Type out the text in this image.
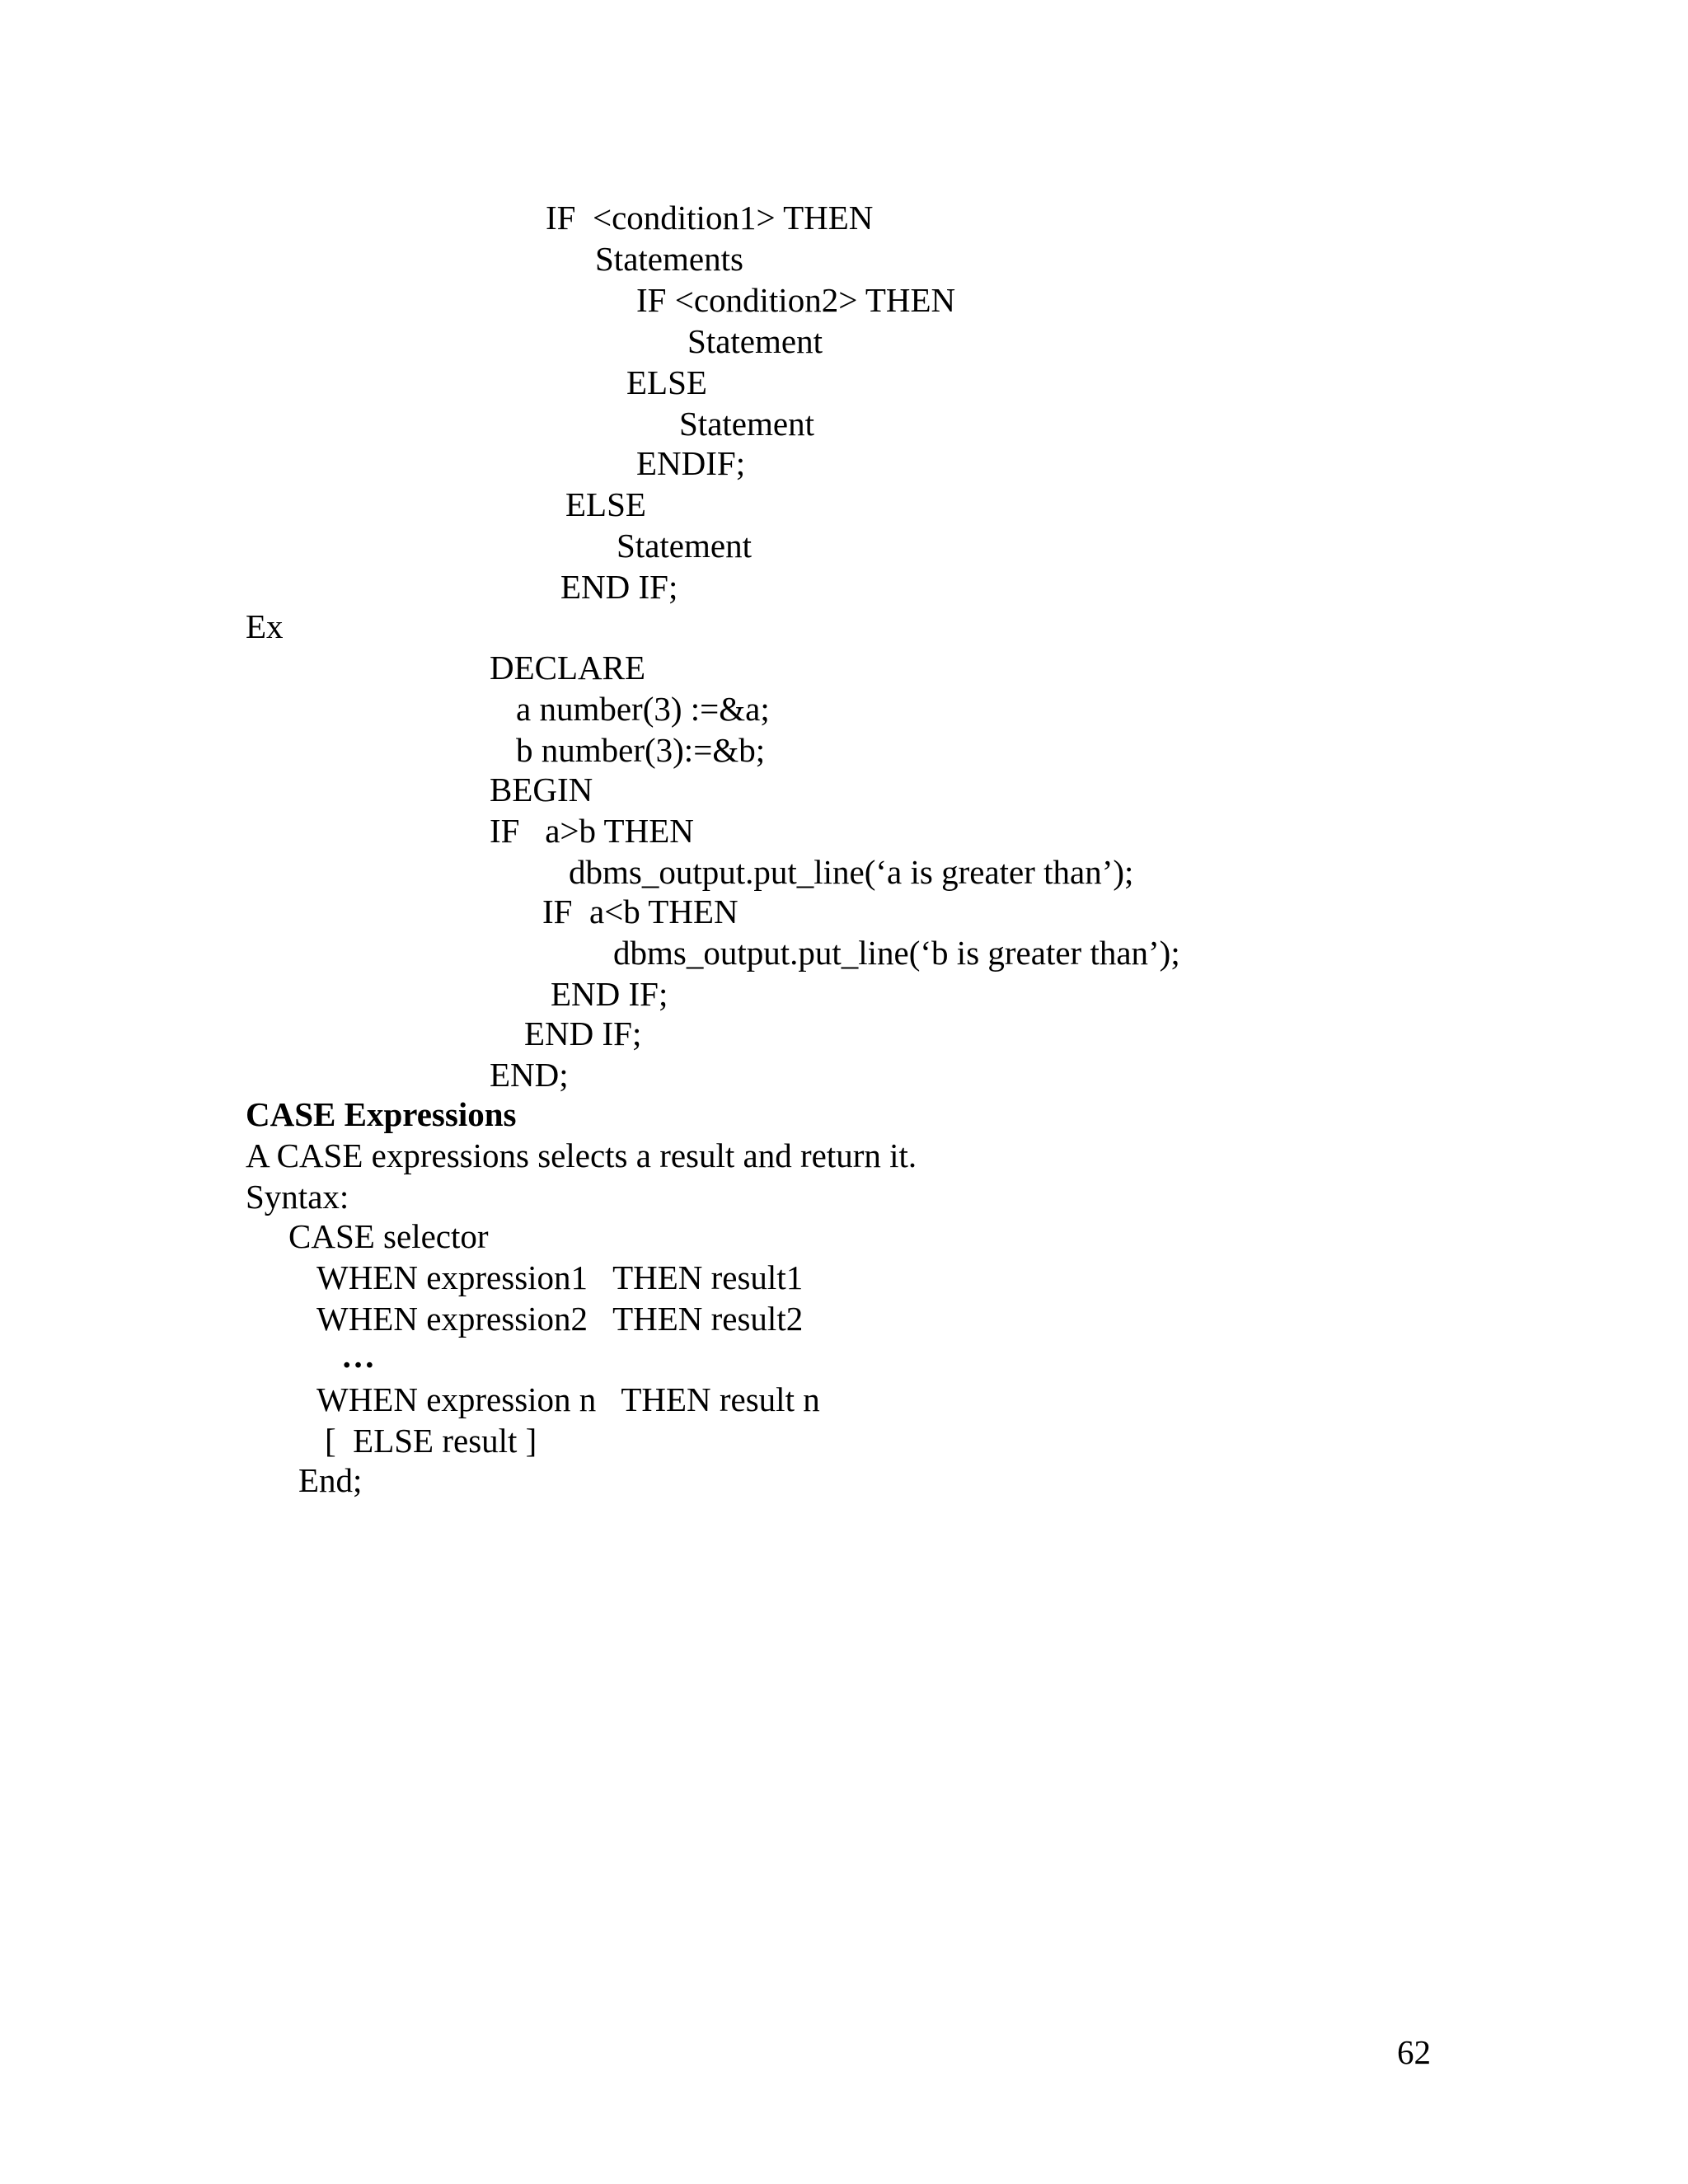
IF  <condition1> THEN
Statements
IF <condition2> THEN
Statement
ELSE
Statement
ENDIF;
ELSE
Statement
END IF;
Ex
DECLARE
a number(3) :=&a;
b number(3):=&b;
BEGIN
IF   a>b THEN
dbms_output.put_line(‘a is greater than’);
IF  a<b THEN
dbms_output.put_line(‘b is greater than’);
END IF;
END IF;
END;
CASE Expressions
A CASE expressions selects a result and return it.
Syntax:
CASE selector
WHEN expression1   THEN result1
WHEN expression2   THEN result2
…
WHEN expression n   THEN result n
[  ELSE result ]
End;
62
